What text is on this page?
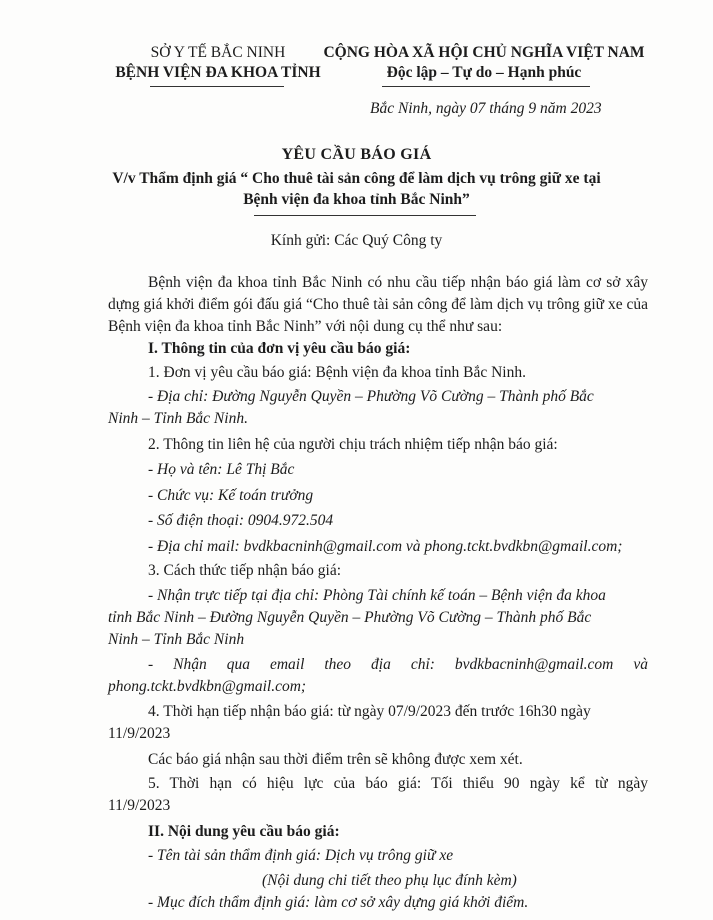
SỞ Y TẾ BẮC NINH
BỆNH VIỆN ĐA KHOA TỈNH
CỘNG HÒA XÃ HỘI CHỦ NGHĨA VIỆT NAM
Độc lập – Tự do – Hạnh phúc
Bắc Ninh, ngày 07 tháng 9 năm 2023
YÊU CẦU BÁO GIÁ
V/v Thẩm định giá “ Cho thuê tài sản công để làm dịch vụ trông giữ xe tại
Bệnh viện đa khoa tỉnh Bắc Ninh”
Kính gửi: Các Quý Công ty
Bệnh viện đa khoa tỉnh Bắc Ninh có nhu cầu tiếp nhận báo giá làm cơ sở xây dựng giá khởi điểm gói đấu giá “Cho thuê tài sản công để làm dịch vụ trông giữ xe của Bệnh viện đa khoa tỉnh Bắc Ninh” với nội dung cụ thể như sau:
I. Thông tin của đơn vị yêu cầu báo giá:
1. Đơn vị yêu cầu báo giá: Bệnh viện đa khoa tỉnh Bắc Ninh.
- Địa chỉ: Đường Nguyễn Quyền – Phường Võ Cường – Thành phố Bắc
Ninh – Tỉnh Bắc Ninh.
2. Thông tin liên hệ của người chịu trách nhiệm tiếp nhận báo giá:
- Họ và tên: Lê Thị Bắc
- Chức vụ: Kế toán trưởng
- Số điện thoại: 0904.972.504
- Địa chỉ mail: bvdkbacninh@gmail.com và phong.tckt.bvdkbn@gmail.com;
3. Cách thức tiếp nhận báo giá:
- Nhận trực tiếp tại địa chỉ: Phòng Tài chính kế toán – Bệnh viện đa khoa
tỉnh Bắc Ninh – Đường Nguyễn Quyền – Phường Võ Cường – Thành phố Bắc
Ninh – Tỉnh Bắc Ninh
- Nhận qua email theo địa chỉ: bvdkbacninh@gmail.com và
phong.tckt.bvdkbn@gmail.com;
4. Thời hạn tiếp nhận báo giá: từ ngày 07/9/2023 đến trước 16h30 ngày
11/9/2023
Các báo giá nhận sau thời điểm trên sẽ không được xem xét.
5. Thời hạn có hiệu lực của báo giá: Tối thiểu 90 ngày kể từ ngày
11/9/2023
II. Nội dung yêu cầu báo giá:
- Tên tài sản thẩm định giá: Dịch vụ trông giữ xe
(Nội dung chi tiết theo phụ lục đính kèm)
- Mục đích thẩm định giá: làm cơ sở xây dựng giá khởi điểm.
